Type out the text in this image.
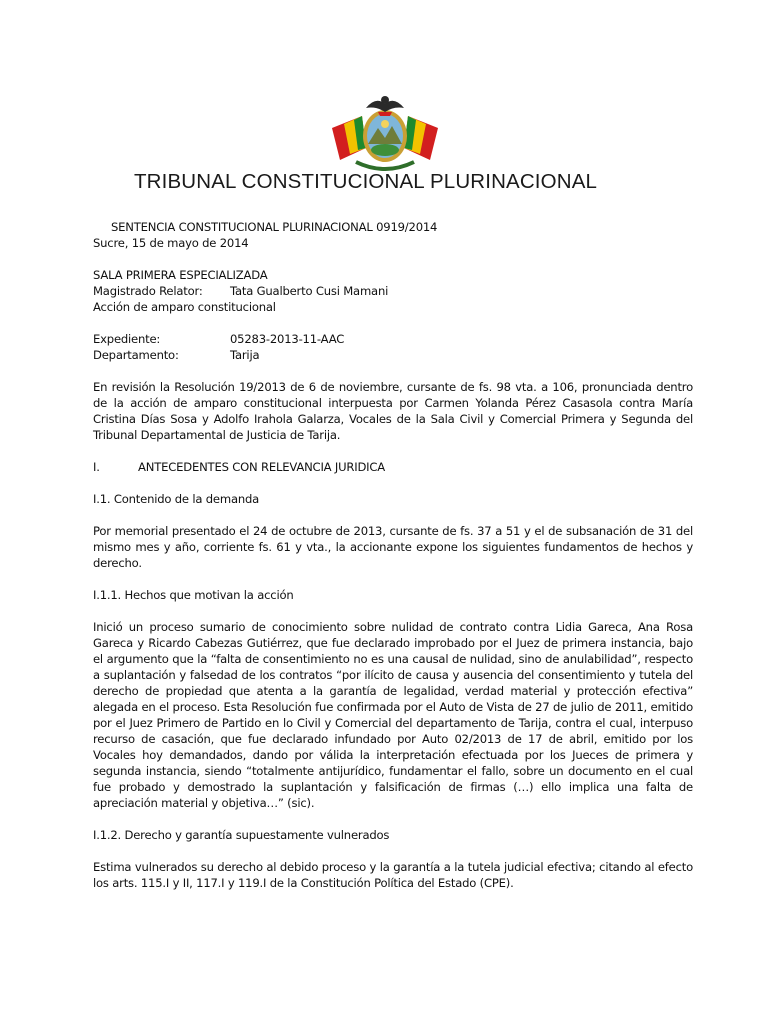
TRIBUNAL CONSTITUCIONAL PLURINACIONAL

SENTENCIA CONSTITUCIONAL PLURINACIONAL 0919/2014

Sucre, 15 de mayo de 2014

SALA PRIMERA ESPECIALIZADA

Magistrado Relator:	Tata Gualberto Cusi Mamani

Acción de amparo constitucional

Expediente:	05283-2013-11-AAC
Departamento:	Tarija

En revisión la Resolución 19/2013 de 6 de noviembre, cursante de fs. 98 vta. a 106, pronunciada dentro de la acción de amparo constitucional interpuesta por Carmen Yolanda Pérez Casasola contra María Cristina Días Sosa y Adolfo Irahola Galarza, Vocales de la Sala Civil y Comercial Primera y Segunda del Tribunal Departamental de Justicia de Tarija.

I.	ANTECEDENTES CON RELEVANCIA JURIDICA

I.1. Contenido de la demanda

Por memorial presentado el 24 de octubre de 2013, cursante de fs. 37 a 51 y el de subsanación de 31 del mismo mes y año, corriente fs. 61 y vta., la accionante expone los siguientes fundamentos de hechos y derecho.

I.1.1. Hechos que motivan la acción

Inició un proceso sumario de conocimiento sobre nulidad de contrato contra Lidia Gareca, Ana Rosa Gareca y Ricardo Cabezas Gutiérrez, que fue declarado improbado por el Juez de primera instancia, bajo el argumento que la “falta de consentimiento no es una causal de nulidad, sino de anulabilidad”, respecto a suplantación y falsedad de los contratos “por ilícito de causa y ausencia del consentimiento y tutela del derecho de propiedad que atenta a la garantía de legalidad, verdad material y protección efectiva” alegada en el proceso. Esta Resolución fue confirmada por el Auto de Vista de 27 de julio de 2011, emitido por el Juez Primero de Partido en lo Civil y Comercial del departamento de Tarija, contra el cual, interpuso recurso de casación, que fue declarado infundado por Auto 02/2013 de 17 de abril, emitido por los Vocales hoy demandados, dando por válida la interpretación efectuada por los Jueces de primera y segunda instancia, siendo “totalmente antijurídico, fundamentar el fallo, sobre un documento en el cual fue probado y demostrado la suplantación y falsificación de firmas (…) ello implica una falta de apreciación material y objetiva…” (sic).

I.1.2. Derecho y garantía supuestamente vulnerados

Estima vulnerados su derecho al debido proceso y la garantía a la tutela judicial efectiva; citando al efecto los arts. 115.I y II, 117.I y 119.I de la Constitución Política del Estado (CPE).
